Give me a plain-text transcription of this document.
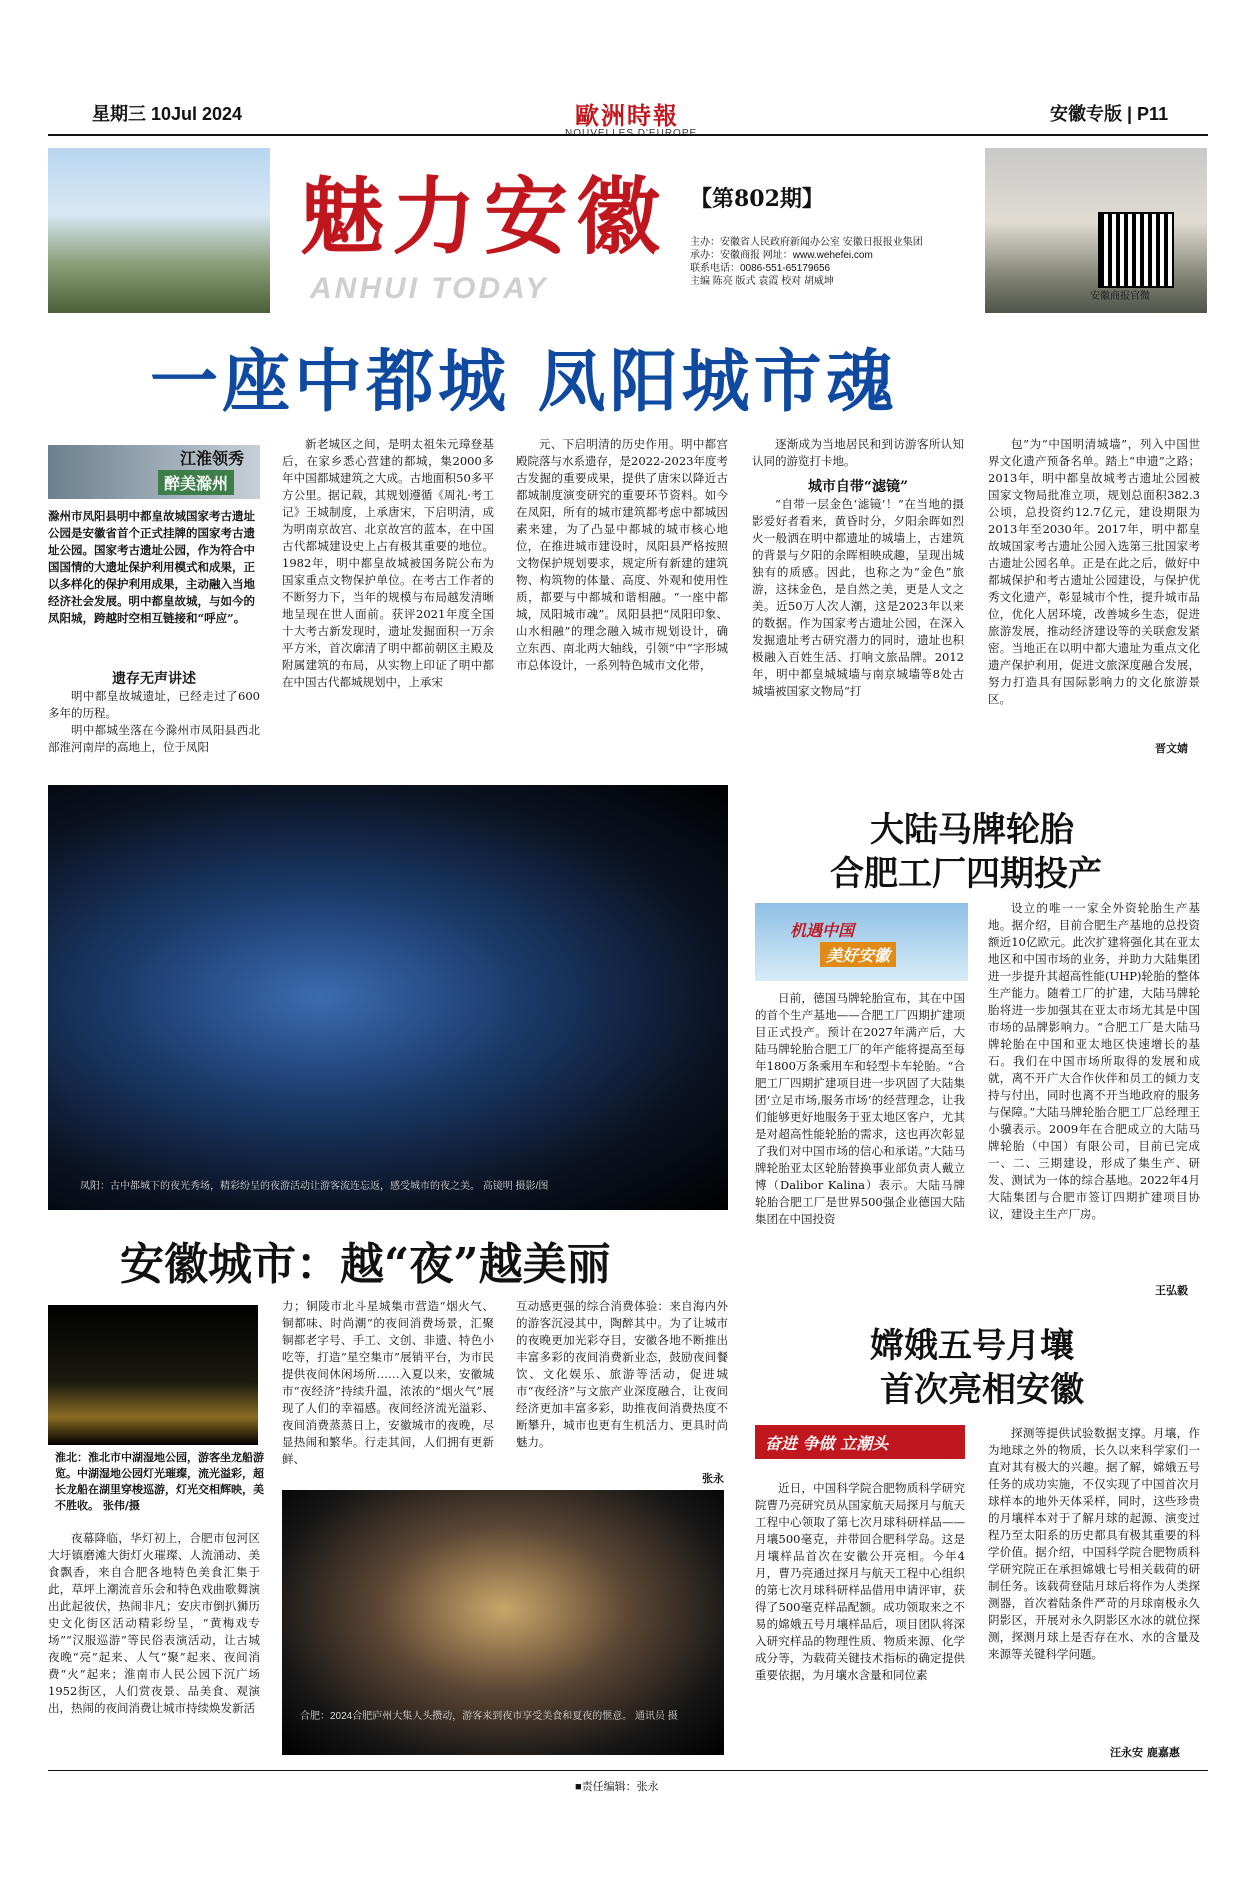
星期三 10Jul 2024	歐洲時報	安徽专版 | P11
魅力安徽
ANHUI TODAY
【第802期】
主办：安徽省人民政府新闻办公室 安徽日报报业集团
承办：安徽商报 网址：www.wehefei.com
联系电话：0086-551-65179656
主编 陈亮 版式 袁霞 校对 胡威坤
安徽商报官微
一座中都城 凤阳城市魂
江淮领秀
醉美滁州
滁州市凤阳县明中都皇故城国家考古遗址公园是安徽省首个正式挂牌的国家考古遗址公园。国家考古遗址公园，作为符合中国国情的大遗址保护利用模式和成果，正以多样化的保护利用成果，主动融入当地经济社会发展。明中都皇故城，与如今的凤阳城，跨越时空相互链接和“呼应”。
遗存无声讲述
明中都皇故城遗址，已经走过了600多年的历程。
明中都城坐落在今滁州市凤阳县西北部淮河南岸的高地上，位于凤阳
新老城区之间，是明太祖朱元璋登基后，在家乡悉心营建的都城，集2000多年中国都城建筑之大成。古地面积50多平方公里。据记载，其规划遵循《周礼·考工记》王城制度，上承唐宋，下启明清，成为明南京故宫、北京故宫的蓝本，在中国古代都城建设史上占有极其重要的地位。1982年，明中都皇故城被国务院公布为国家重点文物保护单位。在考古工作者的不断努力下，当年的规模与布局越发清晰地呈现在世人面前。获评2021年度全国十大考古新发现时，遗址发掘面积一万余平方米，首次廓清了明中都前朝区主殿及附属建筑的布局，从实物上印证了明中都在中国古代都城规划中，上承宋
元、下启明清的历史作用。明中都宫殿院落与水系遗存，是2022-2023年度考古发掘的重要成果，提供了唐宋以降近古都城制度演变研究的重要环节资料。如今在凤阳，所有的城市建筑都考虑中都城因素来建，为了凸显中都城的城市核心地位，在推进城市建设时，凤阳县严格按照文物保护规划要求，规定所有新建的建筑物、构筑物的体量、高度、外观和使用性质，都要与中都城和谐相融。“一座中都城，凤阳城市魂”。凤阳县把“凤阳印象、山水相融”的理念融入城市规划设计，确立东西、南北两大轴线，引领“中”字形城市总体设计，一系列特色城市文化带，
逐渐成为当地居民和到访游客所认知认同的游览打卡地。
城市自带“滤镜”
“自带一层金色‘滤镜’！”在当地的摄影爱好者看来，黄昏时分，夕阳余晖如烈火一般洒在明中都遗址的城墙上，古建筑的背景与夕阳的余晖相映成趣，呈现出城独有的质感。因此，也称之为“金色”旅游，这抹金色，是自然之美，更是人文之美。近50万人次人潮，这是2023年以来的数据。作为国家考古遗址公园，在深入发掘遗址考古研究潜力的同时，遗址也积极融入百姓生活、打响文旅品牌。2012年，明中都皇城城墙与南京城墙等8处古城墙被国家文物局“打
包”为“中国明清城墙”，列入中国世界文化遗产预备名单。踏上“申遗”之路；2013年，明中都皇故城考古遗址公园被国家文物局批准立项，规划总面积382.3公顷，总投资约12.7亿元，建设期限为2013年至2030年。2017年，明中都皇故城国家考古遗址公园入选第三批国家考古遗址公园名单。正是在此之后，做好中都城保护和考古遗址公园建设，与保护优秀文化遗产，彰显城市个性，提升城市品位，优化人居环境，改善城乡生态，促进旅游发展，推动经济建设等的关联愈发紧密。当地正在以明中都大遗址为重点文化遗产保护利用，促进文旅深度融合发展，努力打造具有国际影响力的文化旅游景区。
晋文婧
凤阳：古中都城下的夜光秀场，精彩纷呈的夜游活动让游客流连忘返，感受城市的夜之美。 高镜明 摄影/图
安徽城市：越“夜”越美丽
淮北：淮北市中湖湿地公园，游客坐龙船游览。中湖湿地公园灯光璀璨，流光溢彩，超长龙船在湖里穿梭巡游，灯光交相辉映，美不胜收。 张伟/摄
夜幕降临，华灯初上，合肥市包河区大圩镇磨滩大街灯火璀璨、人流涌动、美食飘香，来自合肥各地特色美食汇集于此，草坪上潮流音乐会和特色戏曲歌舞演出此起彼伏，热闹非凡；安庆市倒扒狮历史文化街区活动精彩纷呈，“黄梅戏专场”“汉服巡游”等民俗表演活动，让古城夜晚“亮”起来、人气“聚”起来、夜间消费“火”起来；淮南市人民公园下沉广场1952街区，人们赏夜景、品美食、观演出，热闹的夜间消费让城市持续焕发新活
力；铜陵市北斗星城集市营造“烟火气、铜都味、时尚潮”的夜间消费场景，汇聚铜都老字号、手工、文创、非遗、特色小吃等，打造“星空集市”展销平台，为市民提供夜间休闲场所……入夏以来，安徽城市“夜经济”持续升温，浓浓的“烟火气”展现了人们的幸福感。夜间经济流光溢彩、夜间消费蒸蒸日上，安徽城市的夜晚，尽显热闹和繁华。行走其间，人们拥有更新鲜、
互动感更强的综合消费体验：来自海内外的游客沉浸其中，陶醉其中。为了让城市的夜晚更加光彩夺目，安徽各地不断推出丰富多彩的夜间消费新业态，鼓励夜间餐饮、文化娱乐、旅游等活动，促进城市“夜经济”与文旅产业深度融合，让夜间经济更加丰富多彩，助推夜间消费热度不断攀升，城市也更有生机活力、更具时尚魅力。
张永
合肥：2024合肥庐州大集人头攒动，游客来到夜市享受美食和夏夜的惬意。 通讯员 摄
大陆马牌轮胎
合肥工厂四期投产
机遇中国
美好安徽
日前，德国马牌轮胎宣布，其在中国的首个生产基地——合肥工厂四期扩建项目正式投产。预计在2027年满产后，大陆马牌轮胎合肥工厂的年产能将提高至每年1800万条乘用车和轻型卡车轮胎。“合肥工厂四期扩建项目进一步巩固了大陆集团‘立足市场,服务市场’的经营理念，让我们能够更好地服务于亚太地区客户，尤其是对超高性能轮胎的需求，这也再次彰显了我们对中国市场的信心和承诺。”大陆马牌轮胎亚太区轮胎替换事业部负责人戴立博（Dalibor Kalina）表示。大陆马牌轮胎合肥工厂是世界500强企业德国大陆集团在中国投资
设立的唯一一家全外资轮胎生产基地。据介绍，目前合肥生产基地的总投资额近10亿欧元。此次扩建将强化其在亚太地区和中国市场的业务，并助力大陆集团进一步提升其超高性能(UHP)轮胎的整体生产能力。随着工厂的扩建，大陆马牌轮胎将进一步加强其在亚太市场尤其是中国市场的品牌影响力。“合肥工厂是大陆马牌轮胎在中国和亚太地区快速增长的基石。我们在中国市场所取得的发展和成就，离不开广大合作伙伴和员工的倾力支持与付出，同时也离不开当地政府的服务与保障。”大陆马牌轮胎合肥工厂总经理王小骥表示。2009年在合肥成立的大陆马牌轮胎（中国）有限公司，目前已完成一、二、三期建设，形成了集生产、研发、测试为一体的综合基地。2022年4月大陆集团与合肥市签订四期扩建项目协议，建设主生产厂房。
王弘毅
嫦娥五号月壤
首次亮相安徽
奋进 争做 立潮头
近日，中国科学院合肥物质科学研究院曹乃亮研究员从国家航天局探月与航天工程中心领取了第七次月球科研样品——月壤500毫克，并带回合肥科学岛。这是月壤样品首次在安徽公开亮相。今年4月，曹乃亮通过探月与航天工程中心组织的第七次月球科研样品借用申请评审，获得了500毫克样品配额。成功领取来之不易的嫦娥五号月壤样品后，项目团队将深入研究样品的物理性质、物质来源、化学成分等，为载荷关键技术指标的确定提供重要依据，为月壤水含量和同位素
探测等提供试验数据支撑。月壤，作为地球之外的物质，长久以来科学家们一直对其有极大的兴趣。据了解，嫦娥五号任务的成功实施，不仅实现了中国首次月球样本的地外天体采样，同时，这些珍贵的月壤样本对于了解月球的起源、演变过程乃至太阳系的历史都具有极其重要的科学价值。据介绍，中国科学院合肥物质科学研究院正在承担嫦娥七号相关载荷的研制任务。该载荷登陆月球后将作为人类探测器，首次着陆条件严苛的月球南极永久阴影区，开展对永久阴影区水冰的就位探测，探测月球上是否存在水、水的含量及来源等关键科学问题。
汪永安 鹿嘉惠
■责任编辑：张永
